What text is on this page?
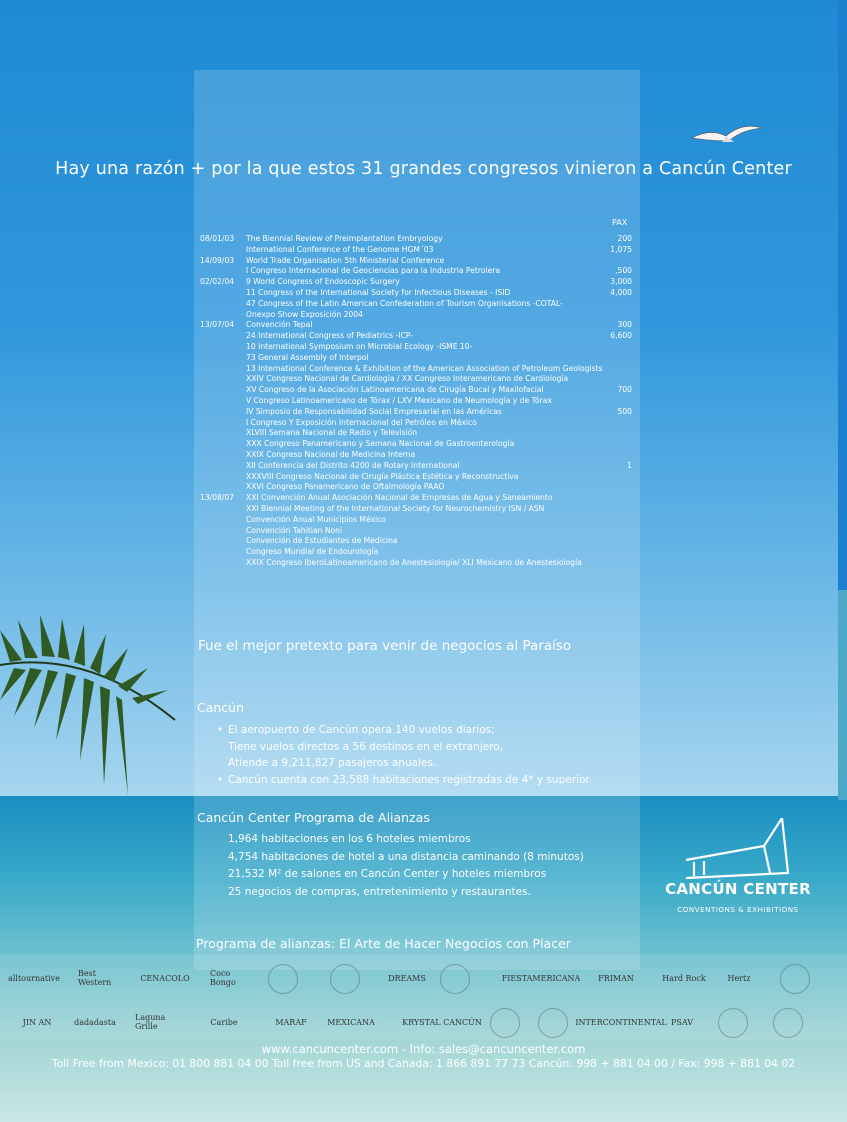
Hay una razón + por la que estos 31 grandes congresos vinieron a Cancún Center
PAX
08/01/03	The Biennial Review of Preimplantation Embryology	200
International Conference of the Genome HGM´03	1,075
14/09/03	World Trade Organisation 5th Ministerial Conference
I Congreso Internacional de Geociencias para la Industria Petrolera	,500
02/02/04	9 World Congress of Endoscopic Surgery	3,000
11 Congress of the International Society for Infectious Diseases - ISID	4,000
47 Congress of the Latin American Confederation of Tourism Organisations -COTAL-
Onexpo Show Exposición 2004
13/07/04	Convención Tepal	300
24 International Congress of Pediatrics -ICP-	6,600
10 International Symposium on Microbial Ecology -ISME 10-
73 General Assembly of Interpol
13 International Conference & Exhibition of the American Association of Petroleum Geologists
XXIV Congreso Nacional de Cardiología / XX Congreso Interamericano de Cardiología
XV Congreso de la Asociación Latinoamericana de Cirugía Bucal y Maxilofacial	700
V Congreso Latinoamericano de Tórax / LXV Mexicano de Neumología y de Tórax
IV Simposio de Responsabilidad Social Empresarial en las Américas	500
I Congreso Y Exposición Internacional del Petróleo en México
XLVIII Semana Nacional de Radio y Televisión
XXX Congreso Panamericano y Semana Nacional de Gastroenterología
XXIX Congreso Nacional de Medicina Interna
XII Conferencia del Distrito 4200 de Rotary International	1
XXXVIII Congreso Nacional de Cirugía Plástica Estética y Reconstructiva
XXVI Congreso Panamericano de Oftalmología PAAO
13/08/07	XXI Convención Anual Asociación Nacional de Empresas de Agua y Saneamiento
XXI Biennial Meeting of the International Society for Neurochemistry ISN / ASN
Convención Anual Municipios México
Convención Tahitian Noni
Convención de Estudiantes de Medicina
Congreso Mundial de Endourología
XXIX Congreso IberoLatinoamericano de Anestesiología/ XLI Mexicano de Anestesiología
Fue el mejor pretexto para venir de negocios al Paraíso
Cancún
• El aeropuerto de Cancún opera 140 vuelos diarios;
Tiene vuelos directos a 56 destinos en el extranjero,
Atiende a 9,211,827 pasajeros anuales.
• Cancún cuenta con 23,588 habitaciones registradas de 4* y superior.
Cancún Center Programa de Alianzas
1,964 habitaciones en los 6 hoteles miembros
4,754 habitaciones de hotel a una distancia caminando (8 minutos)
21,532 M² de salones en Cancún Center y hoteles miembros
25 negocios de compras, entretenimiento y restaurantes.	CANCÚN CENTER
CONVENTIONS & EXHIBITIONS
Programa de alianzas: El Arte de Hacer Negocios con Placer
alltournative Best Western	CENACOLO	Coco Bongo	DREAMS	FIESTAMERICANA	FRIMAN	Hard Rock	Hertz
JIN AN	dadadasta	Laguna Grille	Caribe	MARAF	MEXICANA	KRYSTAL CANCÚN	INTERCONTINENTAL PSAV
www.cancuncenter.com - Info: sales@cancuncenter.com
Toll Free from Mexico: 01 800 881 04 00 Toll free from US and Canada: 1 866 891 77 73 Cancún: 998 + 881 04 00 / Fax: 998 + 881 04 02
